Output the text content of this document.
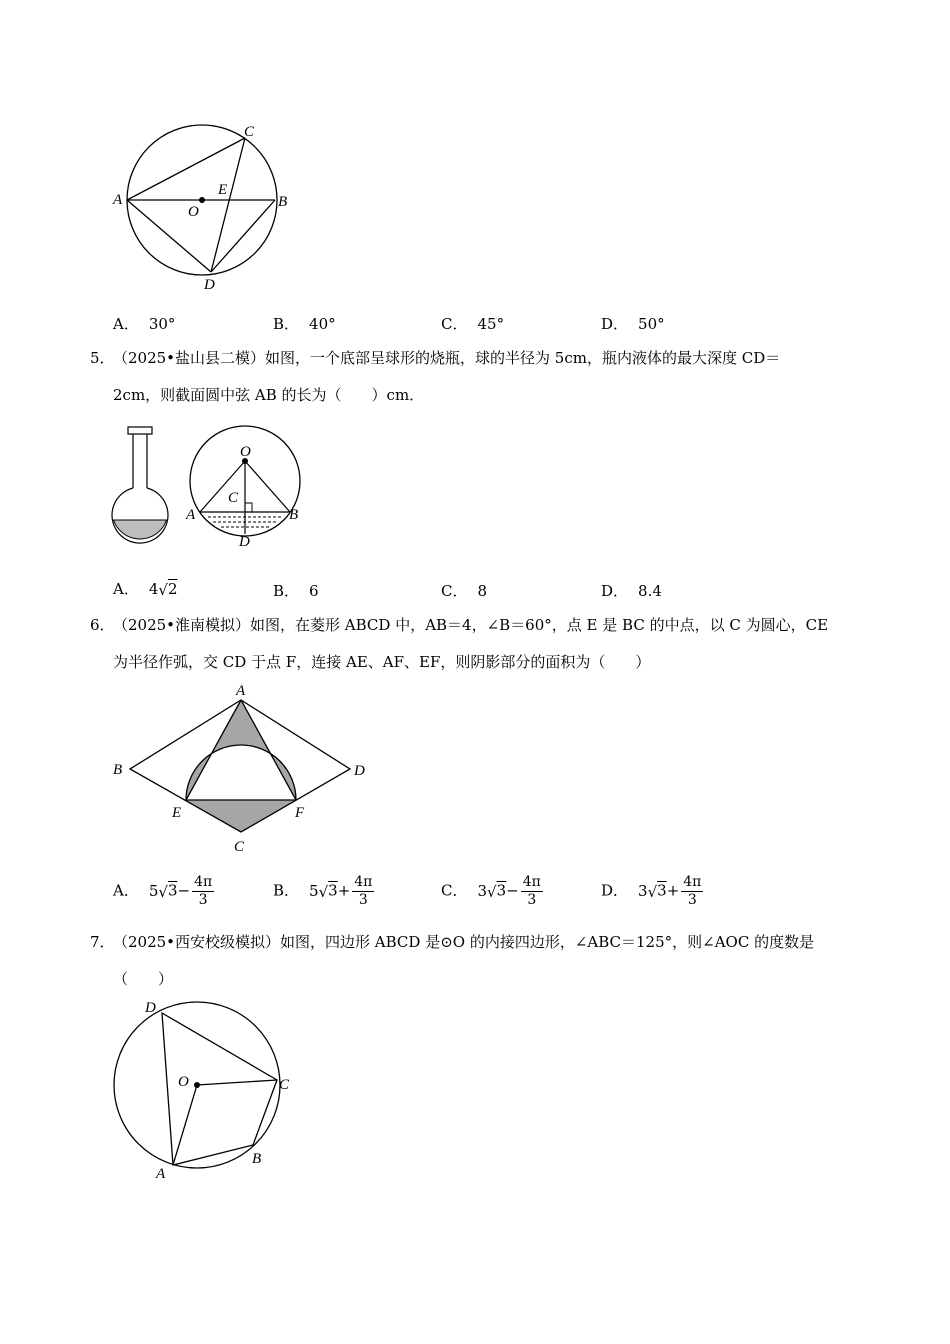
A	B
C
D
E
O
A． 30°	B． 40°	C． 45°	D． 50°
5．
（2025•盐山县二模）如图，一个底部呈球形的烧瓶，球的半径为 5cm，瓶内液体的最大深度 CD＝
2cm，则截面圆中弦 AB 的长为（　　）cm．
O
C
A	B
D
A． 4√2	B． 6	C． 8	D． 8.4
6．
（2025•淮南模拟）如图，在菱形 ABCD 中，AB＝4，∠B＝60°，点 E 是 BC 的中点，以 C 为圆心，CE
为半径作弧，交 CD 于点 F，连接 AE、AF、EF，则阴影部分的面积为（　　）
A
B	D
E	F
C
A． $5√3- \frac{4\pi}{3}$	B． $5√3+ \frac{4\pi}{3}$	C． $3√3- \frac{4\pi}{3}$	D． $3√3+ \frac{4\pi}{3}$
7．
（2025•西安校级模拟）如图，四边形 ABCD 是⊙O 的内接四边形，∠ABC＝125°，则∠AOC 的度数是
（　　）
D
O	C
B
A
